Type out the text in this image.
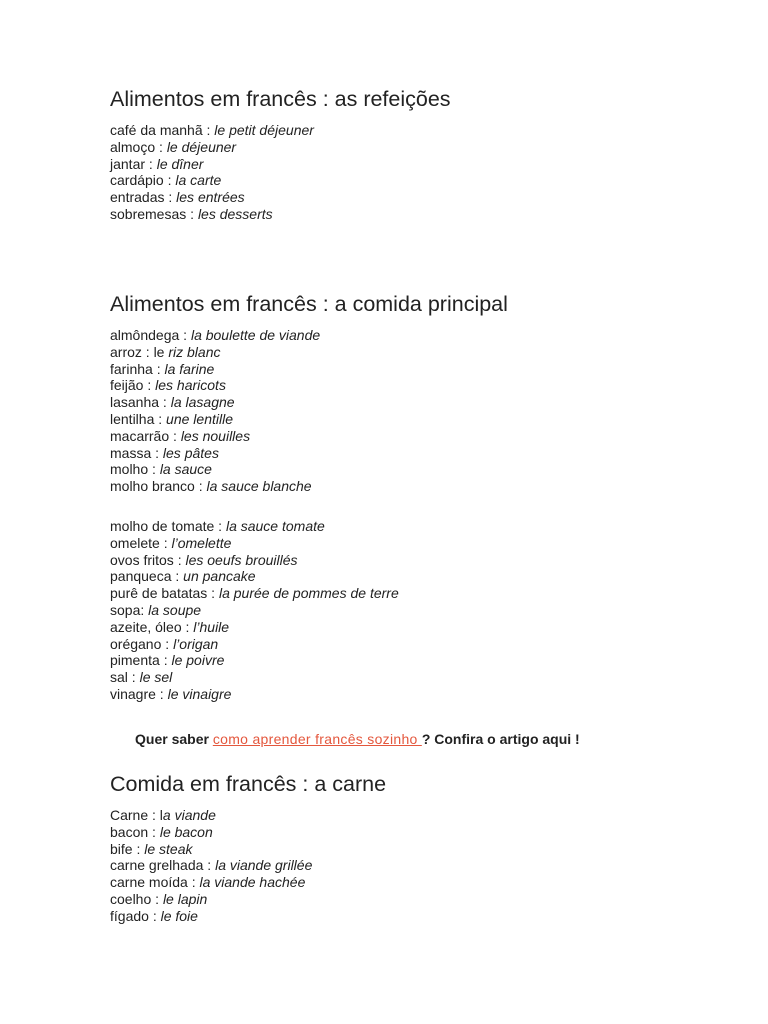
Alimentos em francês : as refeições
café da manhã : le petit déjeuner
almoço : le déjeuner
jantar : le dîner
cardápio : la carte
entradas : les entrées
sobremesas : les desserts
Alimentos em francês : a comida principal
almôndega : la boulette de viande
arroz : le riz blanc
farinha : la farine
feijão : les haricots
lasanha : la lasagne
lentilha : une lentille
macarrão : les nouilles
massa : les pâtes
molho : la sauce
molho branco : la sauce blanche
molho de tomate : la sauce tomate
omelete : l’omelette
ovos fritos : les oeufs brouillés
panqueca : un pancake
purê de batatas : la purée de pommes de terre
sopa: la soupe
azeite, óleo : l’huile
orégano : l’origan
pimenta : le poivre
sal : le sel
vinagre : le vinaigre
Quer saber como aprender francês sozinho ? Confira o artigo aqui !
Comida em francês : a carne
Carne : la viande
bacon : le bacon
bife : le steak
carne grelhada : la viande grillée
carne moída : la viande hachée
coelho : le lapin
fígado : le foie
